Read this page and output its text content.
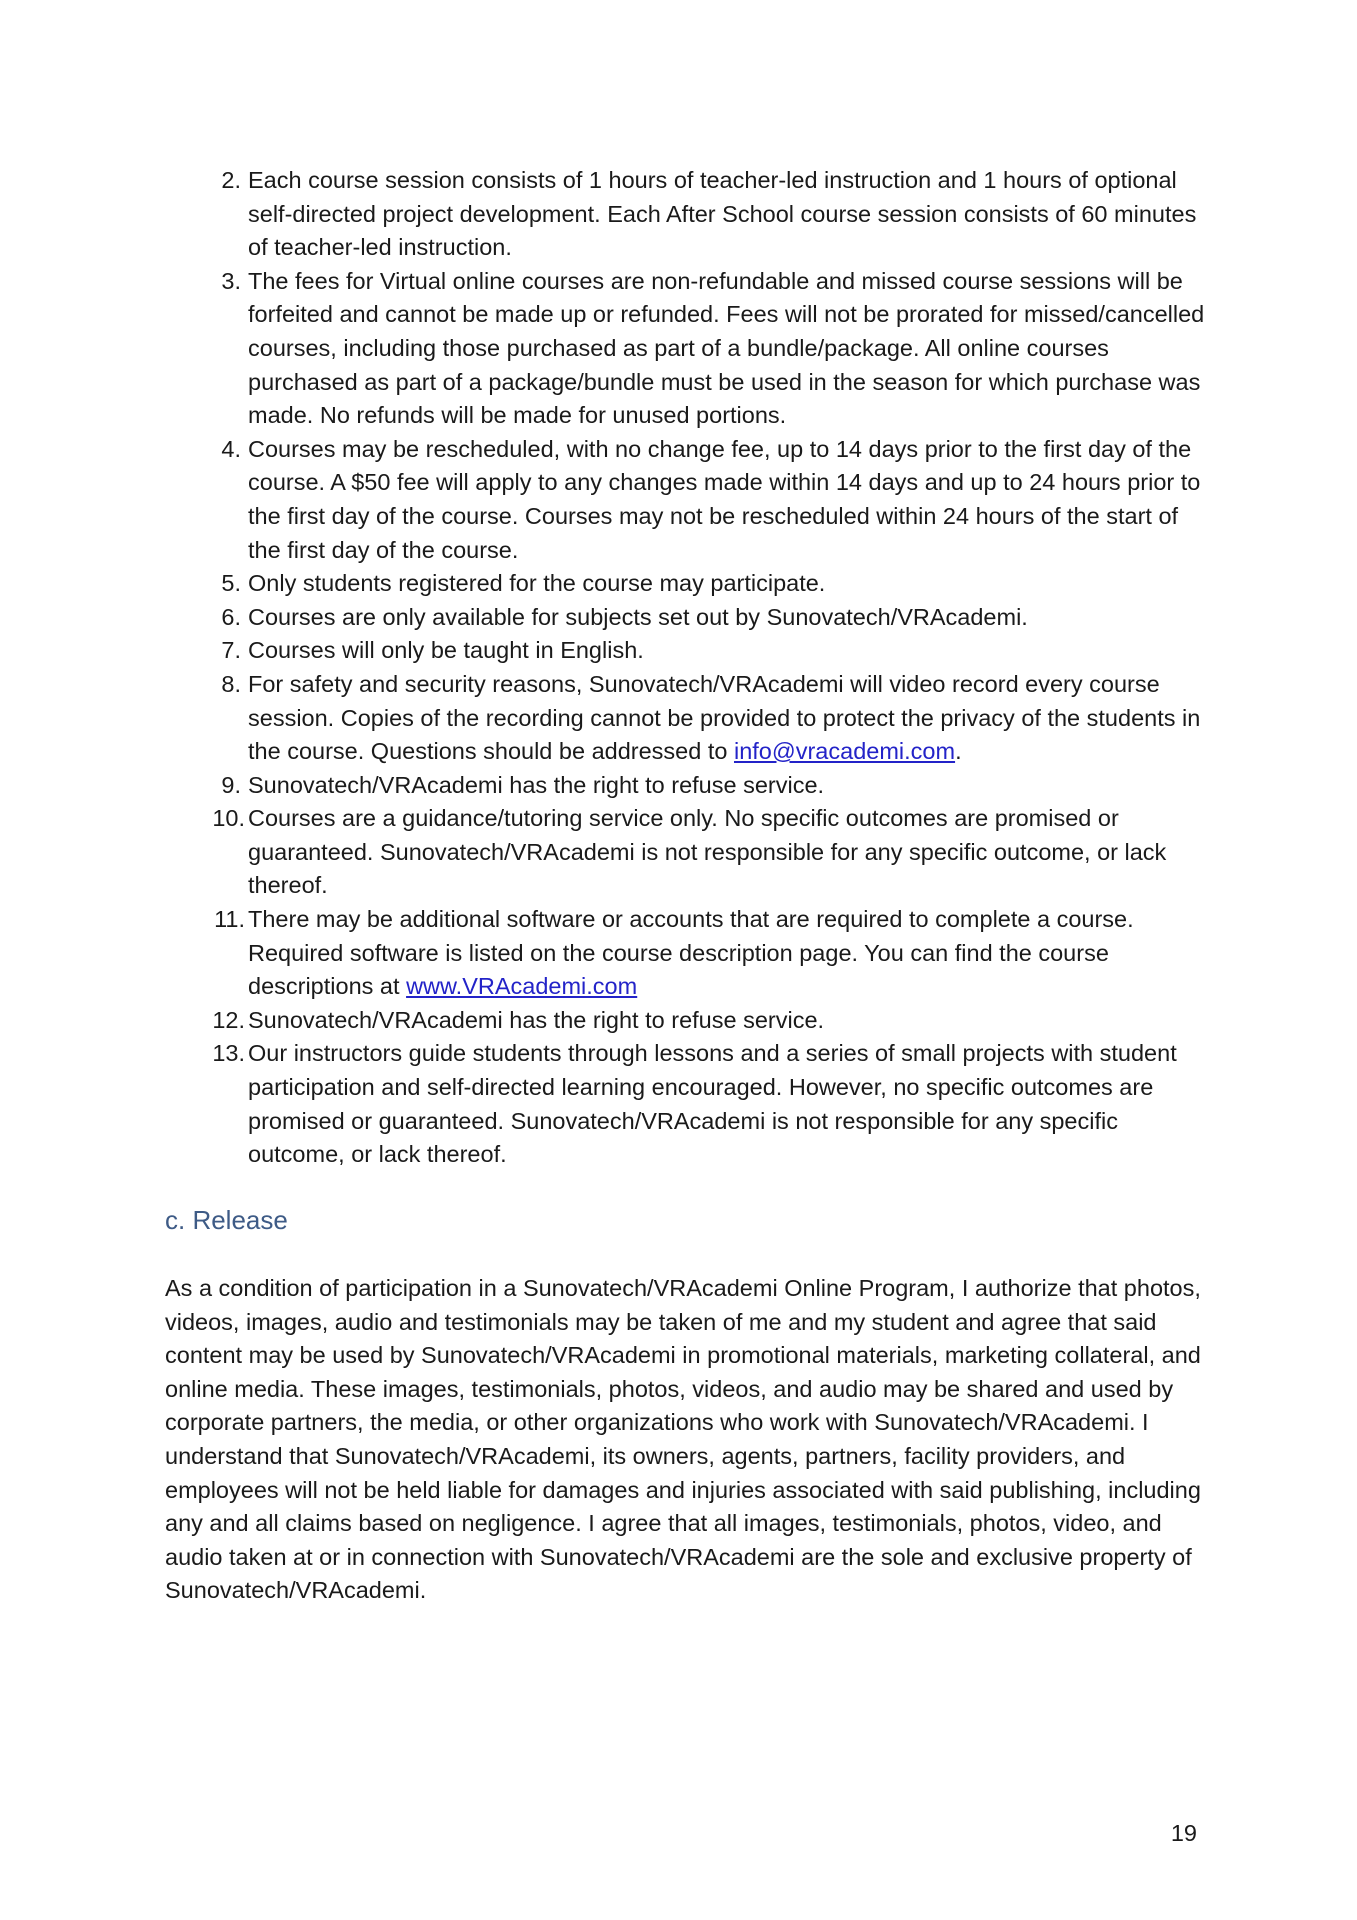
2. Each course session consists of 1 hours of teacher-led instruction and 1 hours of optional self-directed project development. Each After School course session consists of 60 minutes of teacher-led instruction.
3. The fees for Virtual online courses are non-refundable and missed course sessions will be forfeited and cannot be made up or refunded. Fees will not be prorated for missed/cancelled courses, including those purchased as part of a bundle/package. All online courses purchased as part of a package/bundle must be used in the season for which purchase was made. No refunds will be made for unused portions.
4. Courses may be rescheduled, with no change fee, up to 14 days prior to the first day of the course. A $50 fee will apply to any changes made within 14 days and up to 24 hours prior to the first day of the course. Courses may not be rescheduled within 24 hours of the start of the first day of the course.
5. Only students registered for the course may participate.
6. Courses are only available for subjects set out by Sunovatech/VRAcademi.
7. Courses will only be taught in English.
8. For safety and security reasons, Sunovatech/VRAcademi will video record every course session. Copies of the recording cannot be provided to protect the privacy of the students in the course. Questions should be addressed to info@vracademi.com.
9. Sunovatech/VRAcademi has the right to refuse service.
10. Courses are a guidance/tutoring service only. No specific outcomes are promised or guaranteed. Sunovatech/VRAcademi is not responsible for any specific outcome, or lack thereof.
11. There may be additional software or accounts that are required to complete a course. Required software is listed on the course description page. You can find the course descriptions at www.VRAcademi.com
12. Sunovatech/VRAcademi has the right to refuse service.
13. Our instructors guide students through lessons and a series of small projects with student participation and self-directed learning encouraged. However, no specific outcomes are promised or guaranteed. Sunovatech/VRAcademi is not responsible for any specific outcome, or lack thereof.
c. Release

As a condition of participation in a Sunovatech/VRAcademi Online Program, I authorize that photos, videos, images, audio and testimonials may be taken of me and my student and agree that said content may be used by Sunovatech/VRAcademi in promotional materials, marketing collateral, and online media. These images, testimonials, photos, videos, and audio may be shared and used by corporate partners, the media, or other organizations who work with Sunovatech/VRAcademi. I understand that Sunovatech/VRAcademi, its owners, agents, partners, facility providers, and employees will not be held liable for damages and injuries associated with said publishing, including any and all claims based on negligence. I agree that all images, testimonials, photos, video, and audio taken at or in connection with Sunovatech/VRAcademi are the sole and exclusive property of Sunovatech/VRAcademi.

19
